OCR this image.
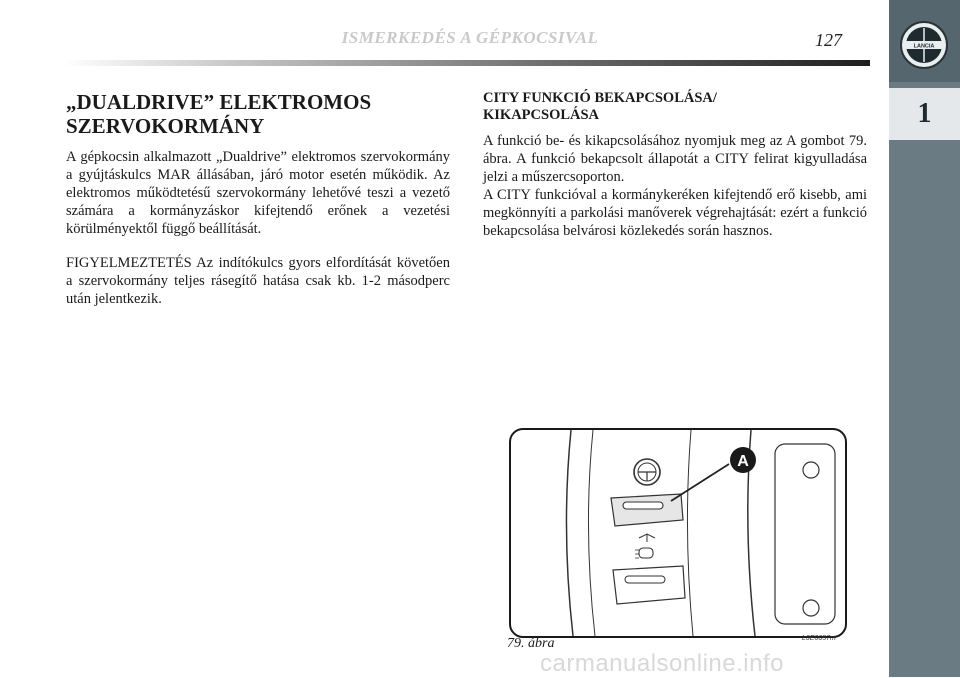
ISMERKEDÉS A GÉPKOCSIVAL	127	LANCIA
1
„DUALDRIVE” ELEKTROMOS
SZERVOKORMÁNY

A gépkocsin alkalmazott „Dualdrive” elektromos szervokormány a gyújtáskulcs MAR állásában, járó motor esetén működik. Az elektromos működtetésű szervokormány lehetővé teszi a vezető számára a kormányzáskor kifejtendő erőnek a vezetési körülményektől függő beállítását.

FIGYELMEZTETÉS Az indítókulcs gyors elfordítását követően a szervokormány teljes rásegítő hatása csak kb. 1-2 másodperc után jelentkezik.

CITY FUNKCIÓ BEKAPCSOLÁSA/
KIKAPCSOLÁSA

A funkció be- és kikapcsolásához nyomjuk meg az A gombot 79. ábra. A funkció bekapcsolt állapotát a CITY felirat kigyulladása jelzi a műszercsoporton.

A CITY funkcióval a kormánykeréken kifejtendő erő kisebb, ami megkönnyíti a parkolási manőverek végrehajtását: ezért a funkció bekapcsolása belvárosi közlekedés során hasznos.

A
79. ábra	L0E0057m
carmanualsonline.info
